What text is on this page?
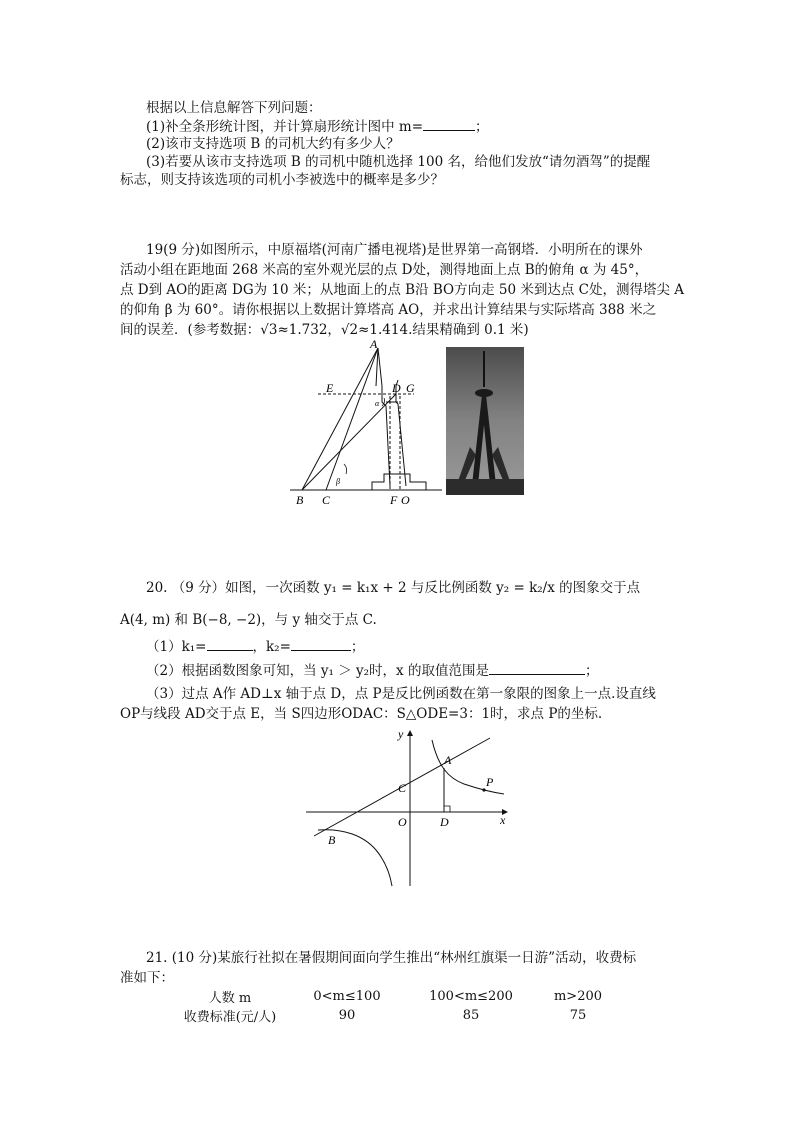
根据以上信息解答下列问题：
(1)补全条形统计图，并计算扇形统计图中 m=	；
(2)该市支持选项 B 的司机大约有多少人？
(3)若要从该市支持选项 B 的司机中随机选择 100 名，给他们发放“请勿酒驾”的提醒
标志，则支持该选项的司机小李被选中的概率是多少？
19(9 分)如图所示，中原福塔(河南广播电视塔)是世界第一高钢塔．小明所在的课外
活动小组在距地面 268 米高的室外观光层的点 D处，测得地面上点 B的俯角 α 为 45°，
点 D到 AO的距离 DG为 10 米；从地面上的点 B沿 BO方向走 50 米到达点 C处，测得塔尖 A
的仰角 β 为 60°。请你根据以上数据计算塔高 AO，并求出计算结果与实际塔高 388 米之
间的误差．(参考数据：√3≈1.732，√2≈1.414.结果精确到 0.1 米)
A
E	D G
α
β
B C	F O
20. （9 分）如图，一次函数 y₁ = k₁x + 2 与反比例函数 y₂ = k₂/x 的图象交于点
A(4, m) 和 B(−8, −2)，与 y 轴交于点 C.
（1）k₁=	，k₂=	；
（2）根据函数图象可知，当 y₁ ＞ y₂时，x 的取值范围是	；
（3）过点 A作 AD⊥x 轴于点 D，点 P是反比例函数在第一象限的图象上一点.设直线
OP与线段 AD交于点 E，当 S四边形ODAC：S△ODE=3：1时，求点 P的坐标.
y
x
A
P
C
O	D
B
21. (10 分)某旅行社拟在暑假期间面向学生推出“林州红旗渠一日游”活动，收费标
准如下：
人数 m	0<m≤100	100<m≤200	m>200
收费标准(元/人)	90	85	75
